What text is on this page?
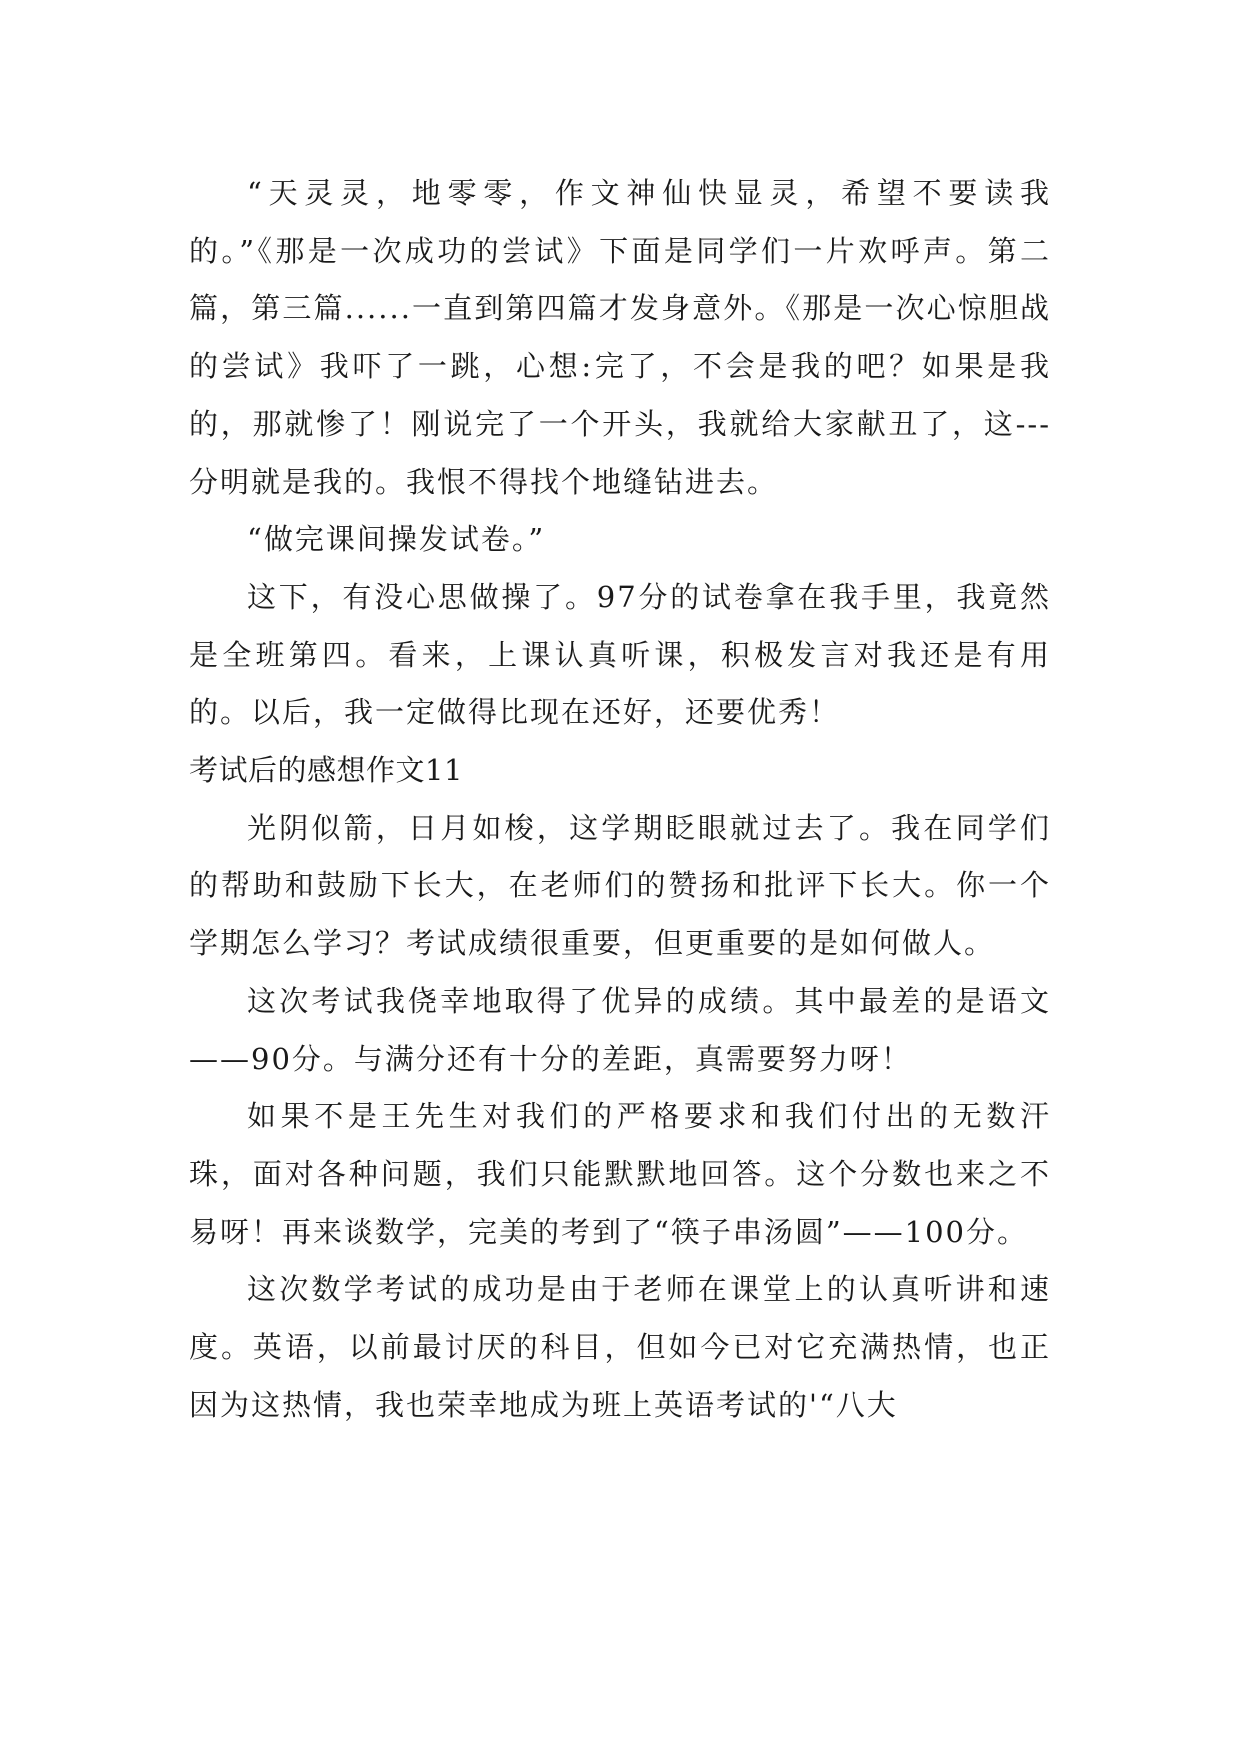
“天灵灵，地零零，作文神仙快显灵，希望不要读我的。”《那是一次成功的尝试》下面是同学们一片欢呼声。第二篇，第三篇......一直到第四篇才发身意外。《那是一次心惊胆战的尝试》我吓了一跳，心想:完了，不会是我的吧？如果是我的，那就惨了！刚说完了一个开头，我就给大家献丑了，这---分明就是我的。我恨不得找个地缝钻进去。

“做完课间操发试卷。”

这下，有没心思做操了。97分的试卷拿在我手里，我竟然是全班第四。看来，上课认真听课，积极发言对我还是有用的。以后，我一定做得比现在还好，还要优秀！

考试后的感想作文11

光阴似箭，日月如梭，这学期眨眼就过去了。我在同学们的帮助和鼓励下长大，在老师们的赞扬和批评下长大。你一个学期怎么学习？考试成绩很重要，但更重要的是如何做人。

这次考试我侥幸地取得了优异的成绩。其中最差的是语文——90分。与满分还有十分的差距，真需要努力呀！

如果不是王先生对我们的严格要求和我们付出的无数汗珠，面对各种问题，我们只能默默地回答。这个分数也来之不易呀！再来谈数学，完美的考到了“筷子串汤圆”——100分。

这次数学考试的成功是由于老师在课堂上的认真听讲和速度。英语，以前最讨厌的科目，但如今已对它充满热情，也正因为这热情，我也荣幸地成为班上英语考试的'“八大
